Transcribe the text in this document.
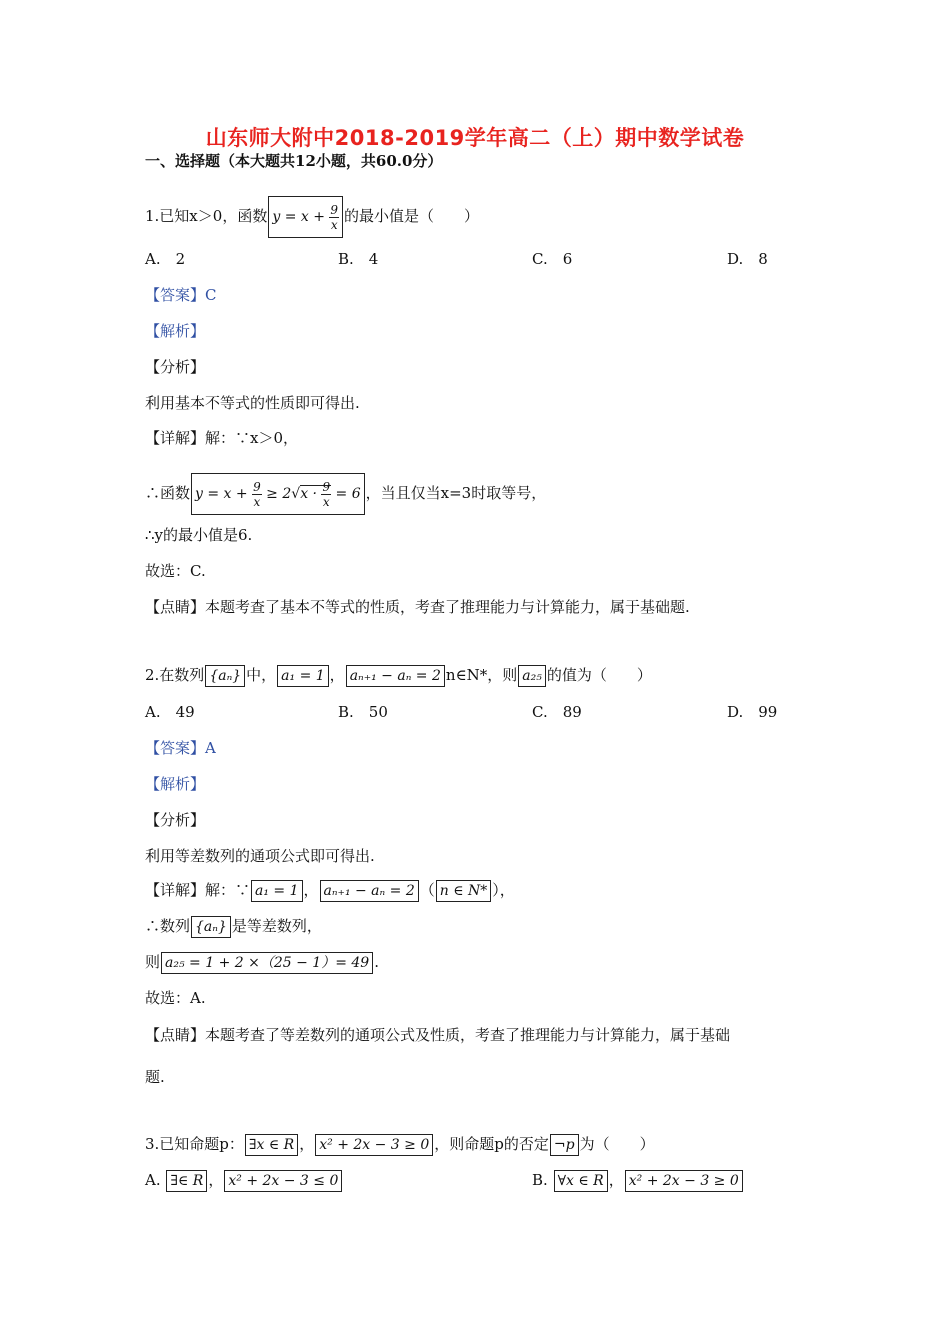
山东师大附中2018-2019学年高二（上）期中数学试卷
一、选择题（本大题共12小题，共60.0分）
1.已知x＞0，函数 $y = x + \frac{9}{x}$ 的最小值是（　　）
A.　2	B.　4	C.　6	D.　8
【答案】C
【解析】
【分析】
利用基本不等式的性质即可得出.
【详解】解：∵x＞0，
∴函数 $y = x + \frac{9}{x} \ge 2√x \cdot \frac{9}{x} = 6$ ，当且仅当x=3时取等号，
∴y的最小值是6.
故选：C.
【点睛】本题考查了基本不等式的性质，考查了推理能力与计算能力，属于基础题.
2.在数列 {aₙ} 中， a₁ = 1 ， aₙ₊₁ − aₙ = 2 n∈N*，则 a₂₅ 的值为（　　）
A.　49	B.　50	C.　89	D.　99
【答案】A
【解析】
【分析】
利用等差数列的通项公式即可得出.
【详解】解：∵ a₁ = 1 ， aₙ₊₁ − aₙ = 2 （ n ∈ N* ），
∴数列 {aₙ} 是等差数列，
则 a₂₅ = 1 + 2 ×（25 − 1）= 49 .
故选：A.
【点睛】本题考查了等差数列的通项公式及性质，考查了推理能力与计算能力，属于基础
题.
3.已知命题p： ∃x ∈ R ， x² + 2x − 3 ≥ 0 ，则命题p的否定 ¬p 为（　　）
A. ∃∈ R ， x² + 2x − 3 ≤ 0	B. ∀x ∈ R ， x² + 2x − 3 ≥ 0
